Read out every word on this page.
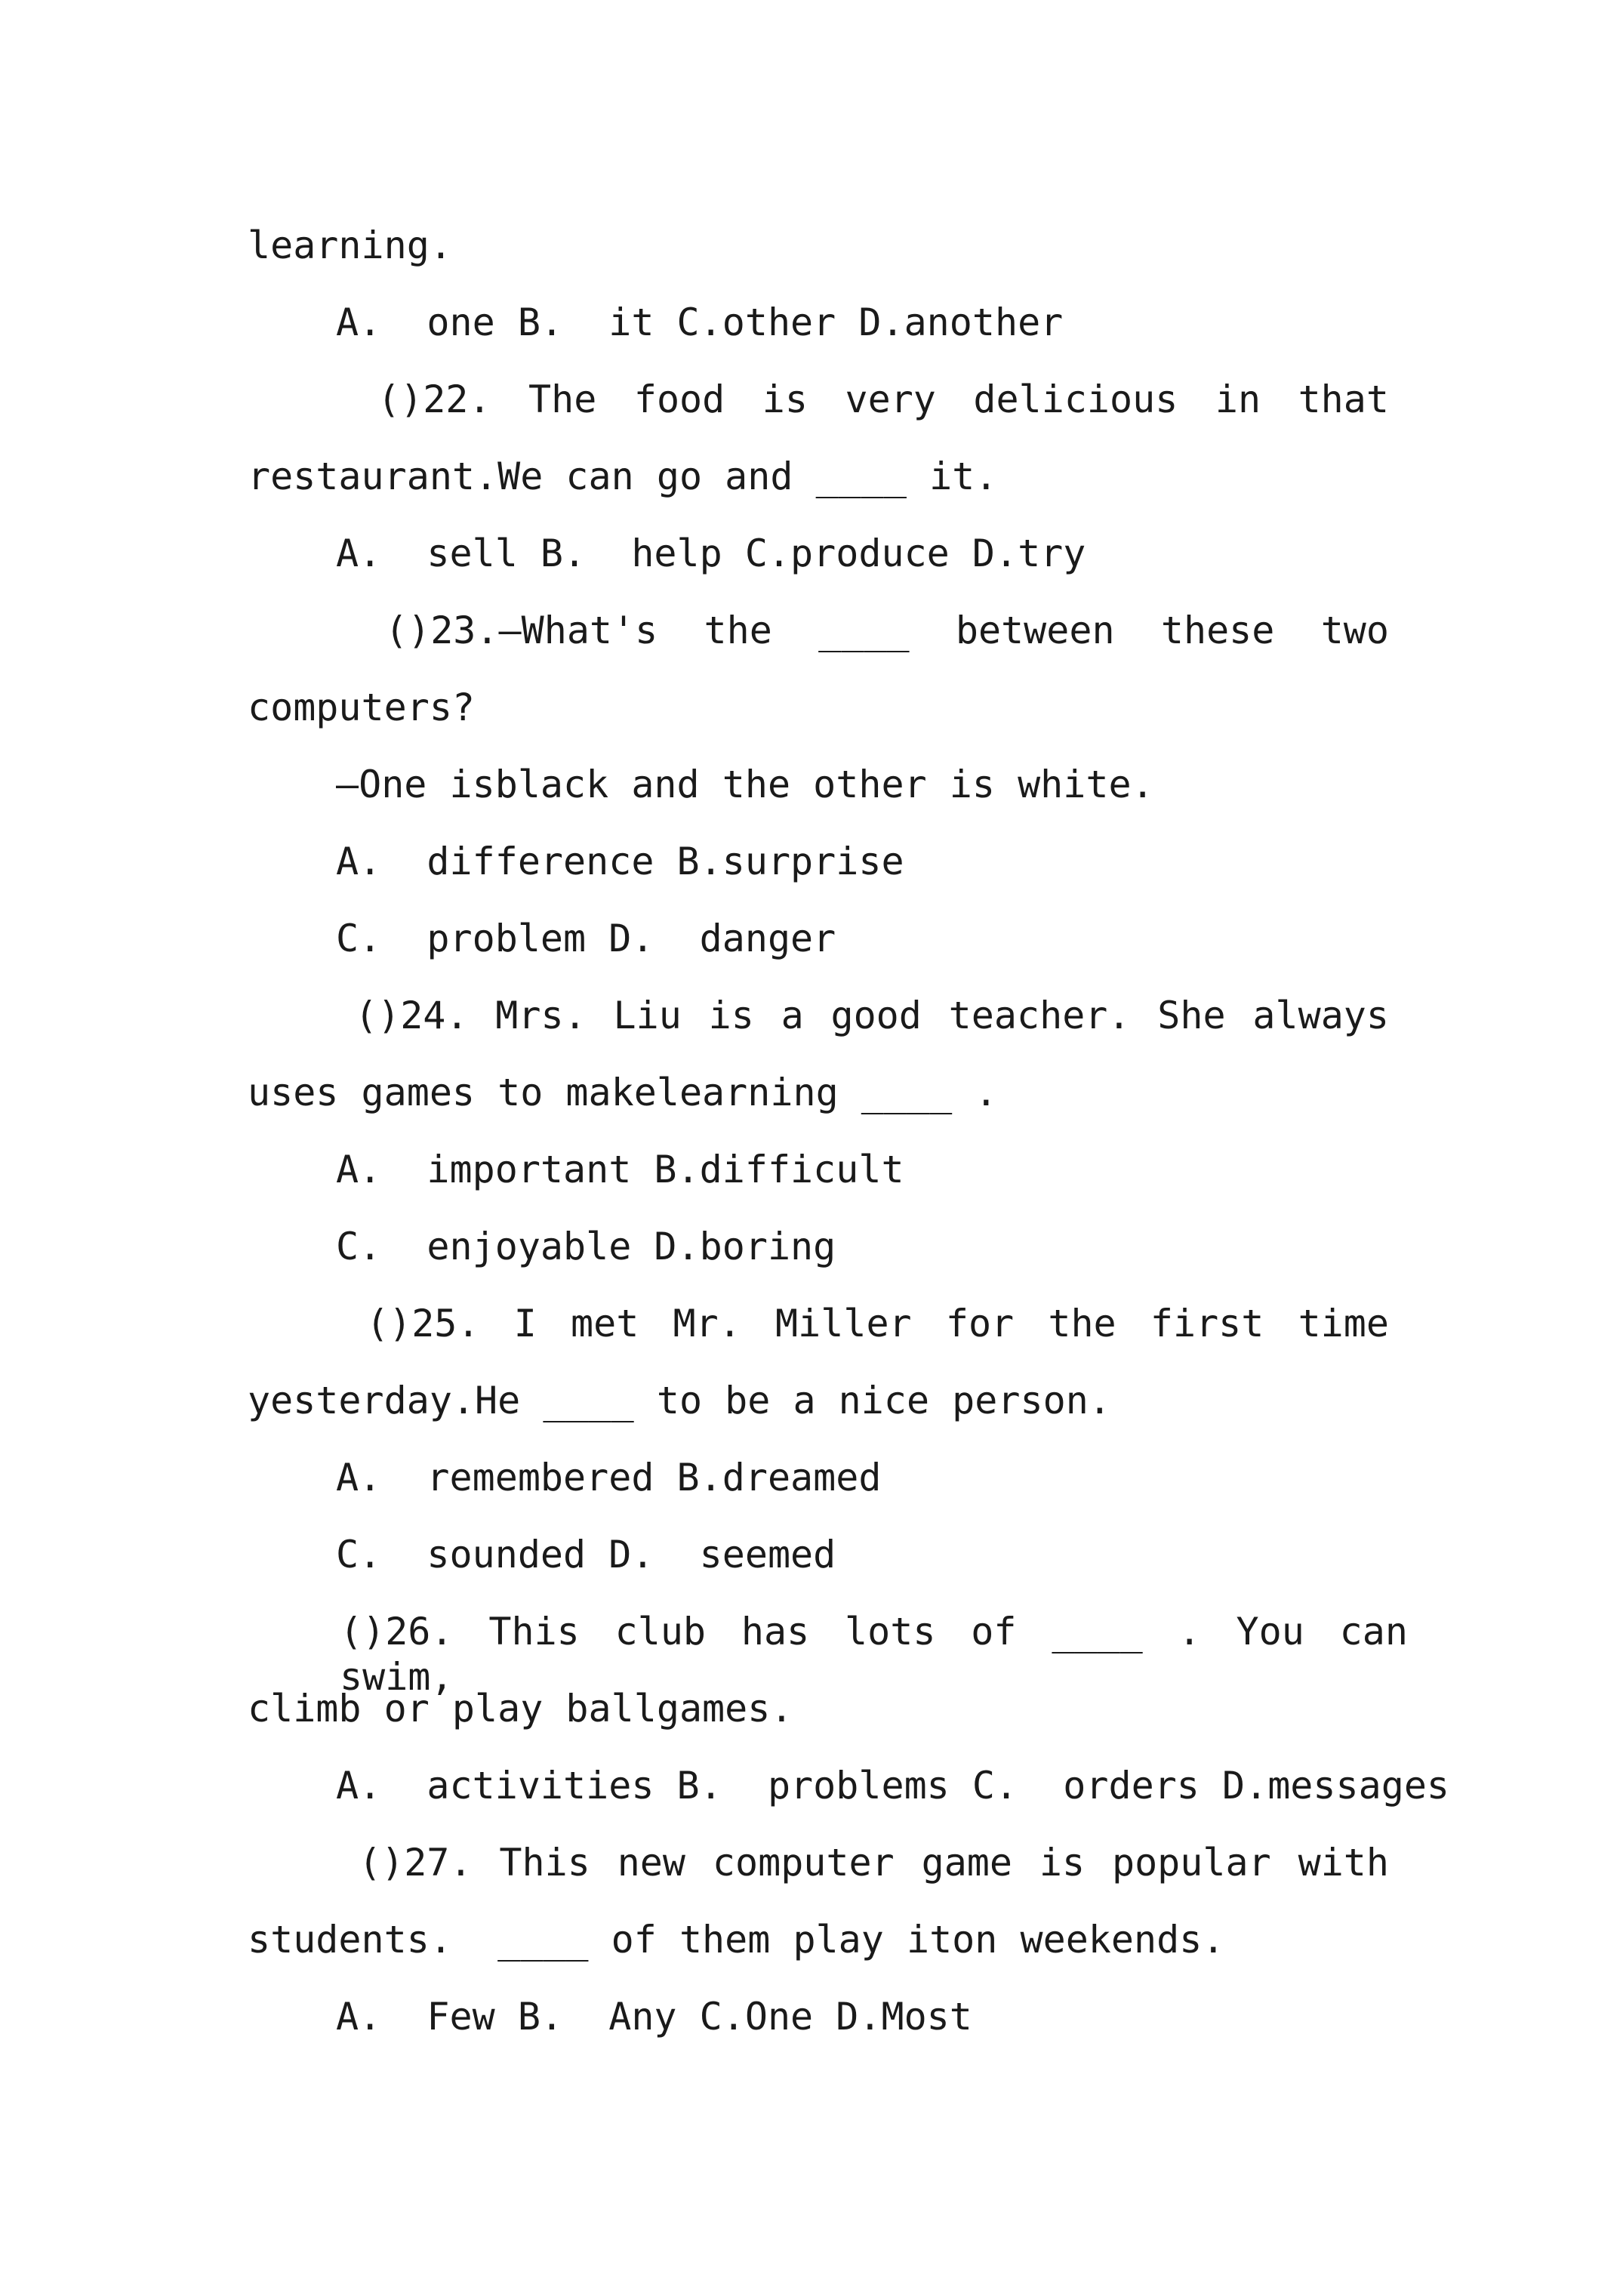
learning.

A.  one B.  it C.other D.another

()22. The food is very delicious in that

restaurant.We can go and ____ it.

A.  sell B.  help C.produce D.try

()23.—What's the ____ between these two

computers?

—One isblack and the other is white.

A.  difference B.surprise

C.  problem D.  danger

()24. Mrs. Liu is a good teacher. She always

uses games to makelearning ____ .

A.  important B.difficult

C.  enjoyable D.boring

()25. I met Mr. Miller for the first time

yesterday.He ____ to be a nice person.

A.  remembered B.dreamed

C.  sounded D.  seemed

()26. This club has lots of ____ . You can swim,

climb or play ballgames.

A.  activities B.  problems C.  orders D.messages

()27. This new computer game is popular with

students.  ____ of them play iton weekends.

A.  Few B.  Any C.One D.Most
